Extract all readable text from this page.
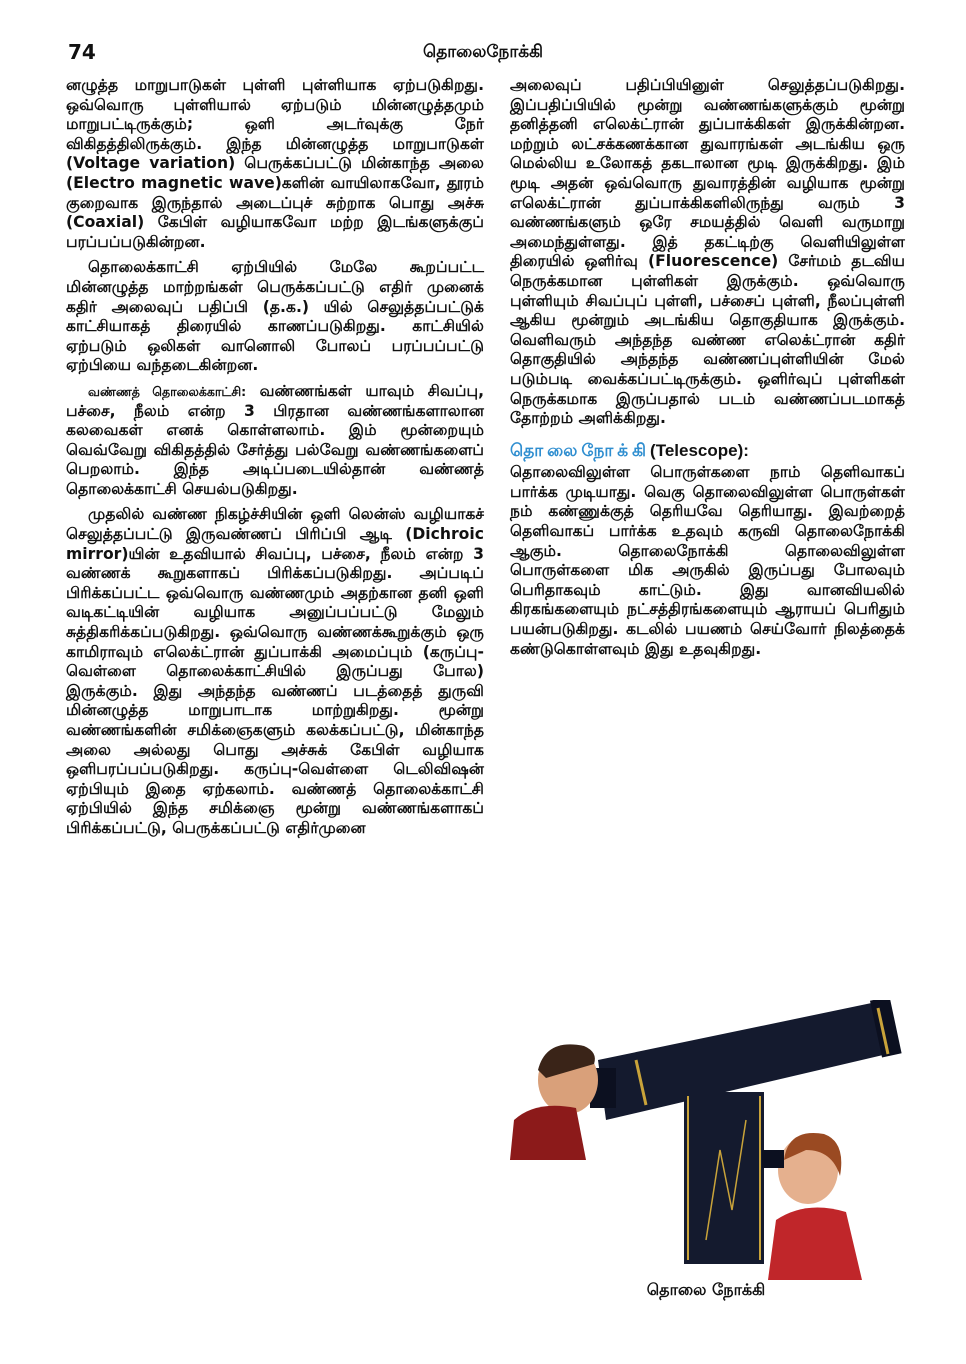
74	தொலைநோக்கி

னழுத்த மாறுபாடுகள் புள்ளி புள்ளியாக ஏற்படுகிறது. ஒவ்வொரு புள்ளியால் ஏற்படும் மின்னழுத்தமும் மாறுபட்டிருக்கும்; ஒளி அடர்வுக்கு நேர் விகிதத்திலிருக்கும். இந்த மின்னழுத்த மாறுபாடுகள் (Voltage variation) பெருக்கப்பட்டு மின்காந்த அலை (Electro magnetic wave)களின் வாயிலாகவோ, தூரம் குறைவாக இருந்தால் அடைப்புச் சுற்றாக பொது அச்சு (Coaxial) கேபிள் வழியாகவோ மற்ற இடங்களுக்குப் பரப்பப்படுகின்றன.

தொலைக்காட்சி ஏற்பியில் மேலே கூறப்பட்ட மின்னழுத்த மாற்றங்கள் பெருக்கப்பட்டு எதிர் முனைக் கதிர் அலைவுப் பதிப்பி (த.க.) யில் செலுத்தப்பட்டுக் காட்சியாகத் திரையில் காணப்படுகிறது. காட்சியில் ஏற்படும் ஒலிகள் வானொலி போலப் பரப்பப்பட்டு ஏற்பியை வந்தடைகின்றன.

வண்ணத் தொலைக்காட்சி: வண்ணங்கள் யாவும் சிவப்பு, பச்சை, நீலம் என்ற 3 பிரதான வண்ணங்களாலான கலவைகள் எனக் கொள்ளலாம். இம் மூன்றையும் வெவ்வேறு விகிதத்தில் சேர்த்து பல்வேறு வண்ணங்களைப் பெறலாம். இந்த அடிப்படையில்தான் வண்ணத் தொலைக்காட்சி செயல்படுகிறது.

முதலில் வண்ண நிகழ்ச்சியின் ஒளி லென்ஸ் வழியாகச் செலுத்தப்பட்டு இருவண்ணப் பிரிப்பி ஆடி (Dichroic mirror)யின் உதவியால் சிவப்பு, பச்சை, நீலம் என்ற 3 வண்ணக் கூறுகளாகப் பிரிக்கப்படுகிறது. அப்படிப் பிரிக்கப்பட்ட ஒவ்வொரு வண்ணமும் அதற்கான தனி ஒளி வடிகட்டியின் வழியாக அனுப்பப்பட்டு மேலும் சுத்திகரிக்கப்படுகிறது. ஒவ்வொரு வண்ணக்கூறுக்கும் ஒரு காமிராவும் எலெக்ட்ரான் துப்பாக்கி அமைப்பும் (கருப்பு-வெள்ளை தொலைக்காட்சியில் இருப்பது போல) இருக்கும். இது அந்தந்த வண்ணப் படத்தைத் துருவி மின்னழுத்த மாறுபாடாக மாற்றுகிறது. மூன்று வண்ணங்களின் சமிக்ஞைகளும் கலக்கப்பட்டு, மின்காந்த அலை அல்லது பொது அச்சுக் கேபிள் வழியாக ஒளிபரப்பப்படுகிறது. கருப்பு-வெள்ளை டெலிவிஷன் ஏற்பியும் இதை ஏற்கலாம். வண்ணத் தொலைக்காட்சி ஏற்பியில் இந்த சமிக்ஞை மூன்று வண்ணங்களாகப் பிரிக்கப்பட்டு, பெருக்கப்பட்டு எதிர்முனை

அலைவுப் பதிப்பியினுள் செலுத்தப்படுகிறது. இப்பதிப்பியில் மூன்று வண்ணங்களுக்கும் மூன்று தனித்தனி எலெக்ட்ரான் துப்பாக்கிகள் இருக்கின்றன. மற்றும் லட்சக்கணக்கான துவாரங்கள் அடங்கிய ஒரு மெல்லிய உலோகத் தகடாலான மூடி இருக்கிறது. இம் மூடி அதன் ஒவ்வொரு துவாரத்தின் வழியாக மூன்று எலெக்ட்ரான் துப்பாக்கிகளிலிருந்து வரும் 3 வண்ணங்களும் ஒரே சமயத்தில் வெளி வருமாறு அமைந்துள்ளது. இத் தகட்டிற்கு வெளியிலுள்ள திரையில் ஒளிர்வு (Fluorescence) சேர்மம் தடவிய நெருக்கமான புள்ளிகள் இருக்கும். ஒவ்வொரு புள்ளியும் சிவப்புப் புள்ளி, பச்சைப் புள்ளி, நீலப்புள்ளி ஆகிய மூன்றும் அடங்கிய தொகுதியாக இருக்கும். வெளிவரும் அந்தந்த வண்ண எலெக்ட்ரான் கதிர் தொகுதியில் அந்தந்த வண்ணப்புள்ளியின் மேல் படும்படி வைக்கப்பட்டிருக்கும். ஒளிர்வுப் புள்ளிகள் நெருக்கமாக இருப்பதால் படம் வண்ணப்படமாகத் தோற்றம் அளிக்கிறது.

தொலைநோக்கி(Telescope):

தொலைவிலுள்ள பொருள்களை நாம் தெளிவாகப் பார்க்க முடியாது. வெகு தொலைவிலுள்ள பொருள்கள் நம் கண்ணுக்குத் தெரியவே தெரியாது. இவற்றைத் தெளிவாகப் பார்க்க உதவும் கருவி தொலைநோக்கி ஆகும். தொலைநோக்கி தொலைவிலுள்ள பொருள்களை மிக அருகில் இருப்பது போலவும் பெரிதாகவும் காட்டும். இது வானவியலில் கிரகங்களையும் நட்சத்திரங்களையும் ஆராயப் பெரிதும் பயன்படுகிறது. கடலில் பயணம் செய்வோர் நிலத்தைக் கண்டுகொள்ளவும் இது உதவுகிறது.

தொலை நோக்கி
